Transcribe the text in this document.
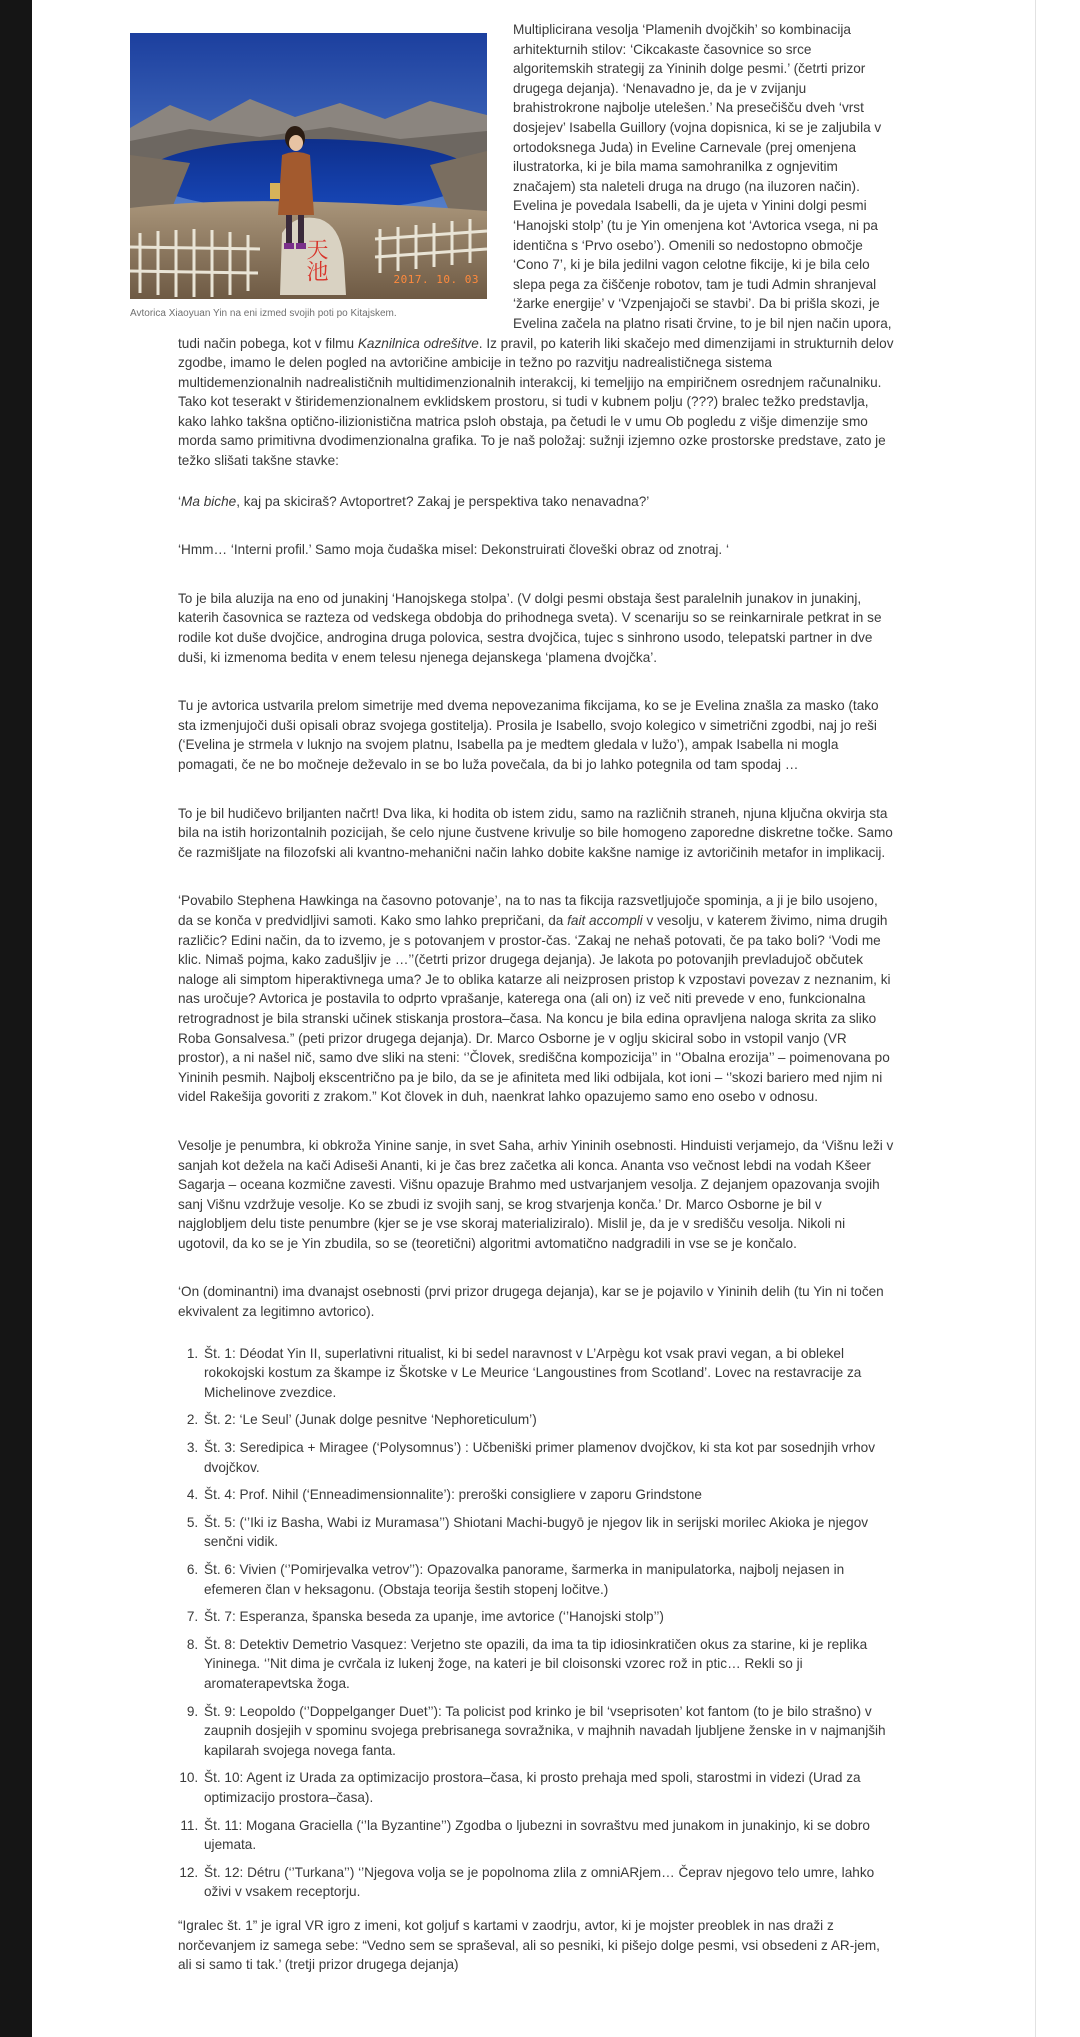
天池	2017. 10. 03
Avtorica Xiaoyuan Yin na eni izmed svojih poti po Kitajskem.

Multiplicirana vesolja ‘Plamenih dvojčkih’ so kombinacija arhitekturnih stilov: ‘Cikcakaste časovnice so srce algoritemskih strategij za Yininih dolge pesmi.’ (četrti prizor drugega dejanja). ‘Nenavadno je, da je v zvijanju brahistrokrone najbolje utelešen.’ Na presečišču dveh ‘vrst dosjejev’ Isabella Guillory (vojna dopisnica, ki se je zaljubila v ortodoksnega Juda) in Eveline Carnevale (prej omenjena ilustratorka, ki je bila mama samohranilka z ognjevitim značajem) sta naleteli druga na drugo (na iluzoren način). Evelina je povedala Isabelli, da je ujeta v Yinini dolgi pesmi ‘Hanojski stolp’ (tu je Yin omenjena kot ‘Avtorica vsega, ni pa identična s ‘Prvo osebo’). Omenili so nedostopno območje ‘Cono 7’, ki je bila jedilni vagon celotne fikcije, ki je bila celo slepa pega za čiščenje robotov, tam je tudi Admin shranjeval ‘žarke energije’ v ‘Vzpenjajoči se stavbi’. Da bi prišla skozi, je Evelina začela na platno risati črvine, to je bil njen način upora, tudi način pobega, kot v filmu Kaznilnica odrešitve. Iz pravil, po katerih liki skačejo med dimenzijami in strukturnih delov zgodbe, imamo le delen pogled na avtoričine ambicije in težno po razvitju nadrealističnega sistema multidemenzionalnih nadrealističnih multidimenzionalnih interakcij, ki temeljijo na empiričnem osrednjem računalniku. Tako kot teserakt v štiridemenzionalnem evklidskem prostoru, si tudi v kubnem polju (???) bralec težko predstavlja, kako lahko takšna optično-ilizionistična matrica psloh obstaja, pa četudi le v umu Ob pogledu z višje dimenzije smo morda samo primitivna dvodimenzionalna grafika. To je naš položaj: sužnji izjemno ozke prostorske predstave, zato je težko slišati takšne stavke:

‘Ma biche, kaj pa skiciraš? Avtoportret? Zakaj je perspektiva tako nenavadna?’

‘Hmm… ‘Interni profil.’ Samo moja čudaška misel: Dekonstruirati človeški obraz od znotraj. ‘

To je bila aluzija na eno od junakinj ‘Hanojskega stolpa’. (V dolgi pesmi obstaja šest paralelnih junakov in junakinj, katerih časovnica se razteza od vedskega obdobja do prihodnega sveta). V scenariju so se reinkarnirale petkrat in se rodile kot duše dvojčice, androgina druga polovica, sestra dvojčica, tujec s sinhrono usodo, telepatski partner in dve duši, ki izmenoma bedita v enem telesu njenega dejanskega ‘plamena dvojčka’.

Tu je avtorica ustvarila prelom simetrije med dvema nepovezanima fikcijama, ko se je Evelina znašla za masko (tako sta izmenjujoči duši opisali obraz svojega gostitelja). Prosila je Isabello, svojo kolegico v simetrični zgodbi, naj jo reši (‘Evelina je strmela v luknjo na svojem platnu, Isabella pa je medtem gledala v lužo’), ampak Isabella ni mogla pomagati, če ne bo močneje deževalo in se bo luža povečala, da bi jo lahko potegnila od tam spodaj …

To je bil hudičevo briljanten načrt! Dva lika, ki hodita ob istem zidu, samo na različnih straneh, njuna ključna okvirja sta bila na istih horizontalnih pozicijah, še celo njune čustvene krivulje so bile homogeno zaporedne diskretne točke. Samo če razmišljate na filozofski ali kvantno-mehanični način lahko dobite kakšne namige iz avtoričinih metafor in implikacij.

‘Povabilo Stephena Hawkinga na časovno potovanje’, na to nas ta fikcija razsvetljujoče spominja, a ji je bilo usojeno, da se konča v predvidljivi samoti. Kako smo lahko prepričani, da fait accompli v vesolju, v katerem živimo, nima drugih različic? Edini način, da to izvemo, je s potovanjem v prostor-čas. ‘Zakaj ne nehaš potovati, če pa tako boli? ‘Vodi me klic. Nimaš pojma, kako zadušljiv je …’’(četrti prizor drugega dejanja). Je lakota po potovanjih prevladujoč občutek naloge ali simptom hiperaktivnega uma? Je to oblika katarze ali neizprosen pristop k vzpostavi povezav z neznanim, ki nas uročuje? Avtorica je postavila to odprto vprašanje, katerega ona (ali on) iz več niti prevede v eno, funkcionalna retrogradnost je bila stranski učinek stiskanja prostora–časa. Na koncu je bila edina opravljena naloga skrita za sliko Roba Gonsalvesa.” (peti prizor drugega dejanja). Dr. Marco Osborne je v oglju skiciral sobo in vstopil vanjo (VR prostor), a ni našel nič, samo dve sliki na steni: ‘’Človek, središčna kompozicija’’ in ‘’Obalna erozija’’ – poimenovana po Yininih pesmih. Najbolj ekscentrično pa je bilo, da se je afiniteta med liki odbijala, kot ioni – ‘’skozi bariero med njim ni videl Rakešija govoriti z zrakom.” Kot človek in duh, naenkrat lahko opazujemo samo eno osebo v odnosu.

Vesolje je penumbra, ki obkroža Yinine sanje, in svet Saha, arhiv Yininih osebnosti. Hinduisti verjamejo, da ‘Višnu leži v sanjah kot dežela na kači Adiseši Ananti, ki je čas brez začetka ali konca. Ananta vso večnost lebdi na vodah Kšeer Sagarja – oceana kozmične zavesti. Višnu opazuje Brahmo med ustvarjanjem vesolja. Z dejanjem opazovanja svojih sanj Višnu vzdržuje vesolje. Ko se zbudi iz svojih sanj, se krog stvarjenja konča.’ Dr. Marco Osborne je bil v najglobljem delu tiste penumbre (kjer se je vse skoraj materializiralo). Mislil je, da je v središču vesolja. Nikoli ni ugotovil, da ko se je Yin zbudila, so se (teoretični) algoritmi avtomatično nadgradili in vse se je končalo.

‘On (dominantni) ima dvanajst osebnosti (prvi prizor drugega dejanja), kar se je pojavilo v Yininih delih (tu Yin ni točen ekvivalent za legitimno avtorico).

1. Št. 1: Déodat Yin II, superlativni ritualist, ki bi sedel naravnost v L’Arpègu kot vsak pravi vegan, a bi oblekel rokokojski kostum za škampe iz Škotske v Le Meurice ‘Langoustines from Scotland’. Lovec na restavracije za Michelinove zvezdice.
2. Št. 2: ‘Le Seul’ (Junak dolge pesnitve ‘Nephoreticulum’)
3. Št. 3: Seredipica + Miragee (‘Polysomnus’) : Učbeniški primer plamenov dvojčkov, ki sta kot par sosednjih vrhov dvojčkov.
4. Št. 4: Prof. Nihil (‘Enneadimensionnalite’): preroški consigliere v zaporu Grindstone
5. Št. 5: (‘’Iki iz Basha, Wabi iz Muramasa’’) Shiotani Machi-bugyō je njegov lik in serijski morilec Akioka je njegov senčni vidik.
6. Št. 6: Vivien (‘’Pomirjevalka vetrov’’): Opazovalka panorame, šarmerka in manipulatorka, najbolj nejasen in efemeren član v heksagonu. (Obstaja teorija šestih stopenj ločitve.)
7. Št. 7: Esperanza, španska beseda za upanje, ime avtorice (‘’Hanojski stolp’’)
8. Št. 8: Detektiv Demetrio Vasquez: Verjetno ste opazili, da ima ta tip idiosinkratičen okus za starine, ki je replika Yininega. ‘’Nit dima je cvrčala iz lukenj žoge, na kateri je bil cloisonski vzorec rož in ptic… Rekli so ji aromaterapevtska žoga.
9. Št. 9: Leopoldo (‘’Doppelganger Duet’’): Ta policist pod krinko je bil ‘vseprisoten’ kot fantom (to je bilo strašno) v zaupnih dosjejih v spominu svojega prebrisanega sovražnika, v majhnih navadah ljubljene ženske in v najmanjših kapilarah svojega novega fanta.
10. Št. 10: Agent iz Urada za optimizacijo prostora–časa, ki prosto prehaja med spoli, starostmi in videzi (Urad za optimizacijo prostora–časa).
11. Št. 11: Mogana Graciella (‘’la Byzantine’’) Zgodba o ljubezni in sovraštvu med junakom in junakinjo, ki se dobro ujemata.
12. Št. 12: Détru (‘’Turkana’’) ‘’Njegova volja se je popolnoma zlila z omniARjem… Čeprav njegovo telo umre, lahko oživi v vsakem receptorju.

“Igralec št. 1” je igral VR igro z imeni, kot goljuf s kartami v zaodrju, avtor, ki je mojster preoblek in nas draži z norčevanjem iz samega sebe: “Vedno sem se spraševal, ali so pesniki, ki pišejo dolge pesmi, vsi obsedeni z AR-jem, ali si samo ti tak.’ (tretji prizor drugega dejanja)
